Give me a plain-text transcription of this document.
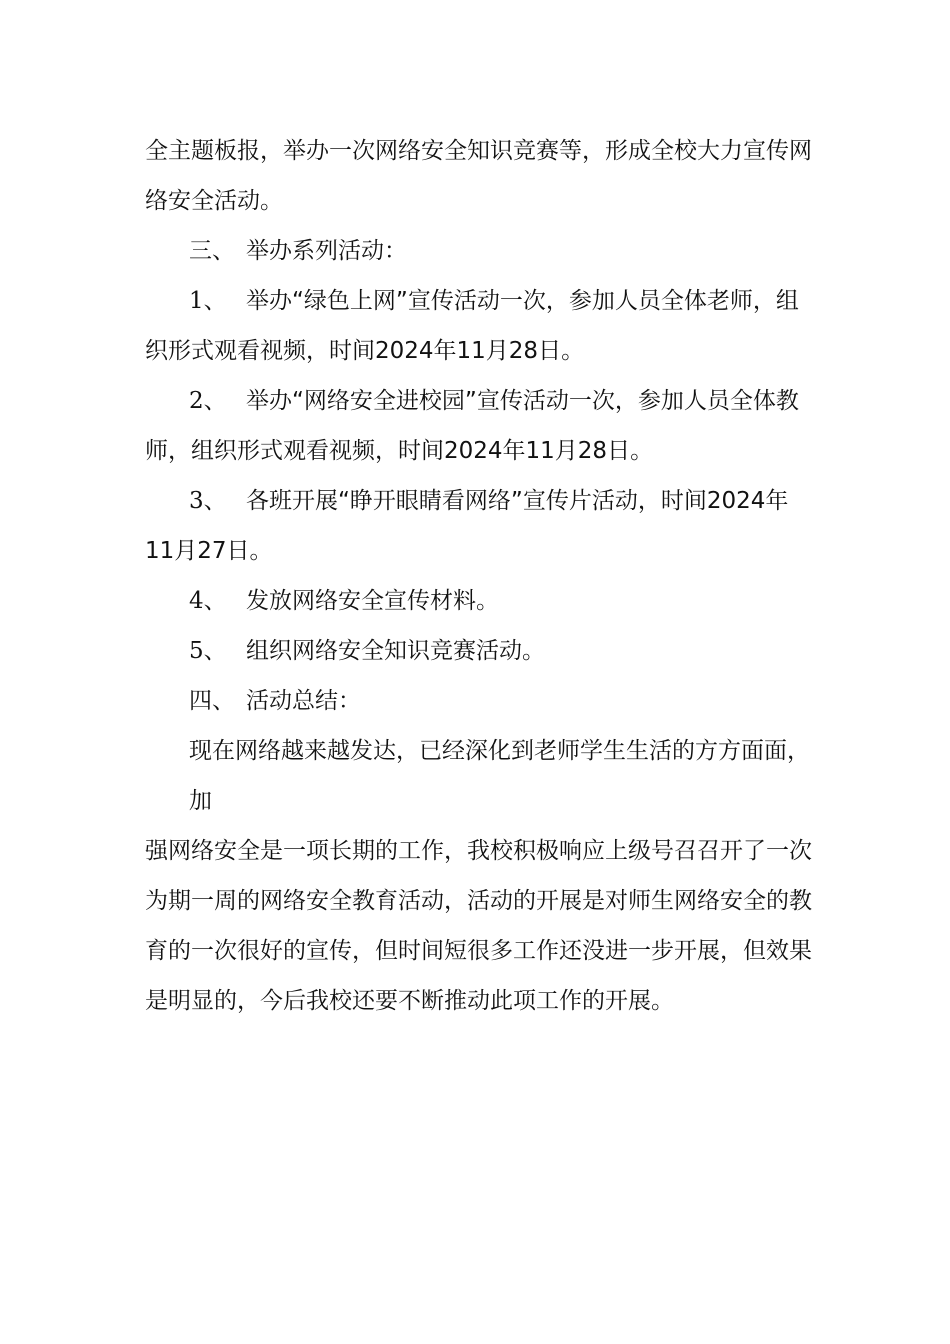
全主题板报，举办一次网络安全知识竞赛等，形成全校大力宣传网
络安全活动。
三、 举办系列活动：
1、 举办“绿色上网”宣传活动一次，参加人员全体老师，组
织形式观看视频，时间2024年11月28日。
2、 举办“网络安全进校园”宣传活动一次，参加人员全体教
师，组织形式观看视频，时间2024年11月28日。
3、 各班开展“睁开眼睛看网络”宣传片活动，时间2024年
11月27日。
4、 发放网络安全宣传材料。
5、 组织网络安全知识竞赛活动。
四、 活动总结：
现在网络越来越发达，已经深化到老师学生生活的方方面面，
加
强网络安全是一项长期的工作，我校积极响应上级号召召开了一次
为期一周的网络安全教育活动，活动的开展是对师生网络安全的教
育的一次很好的宣传，但时间短很多工作还没进一步开展，但效果
是明显的，今后我校还要不断推动此项工作的开展。
